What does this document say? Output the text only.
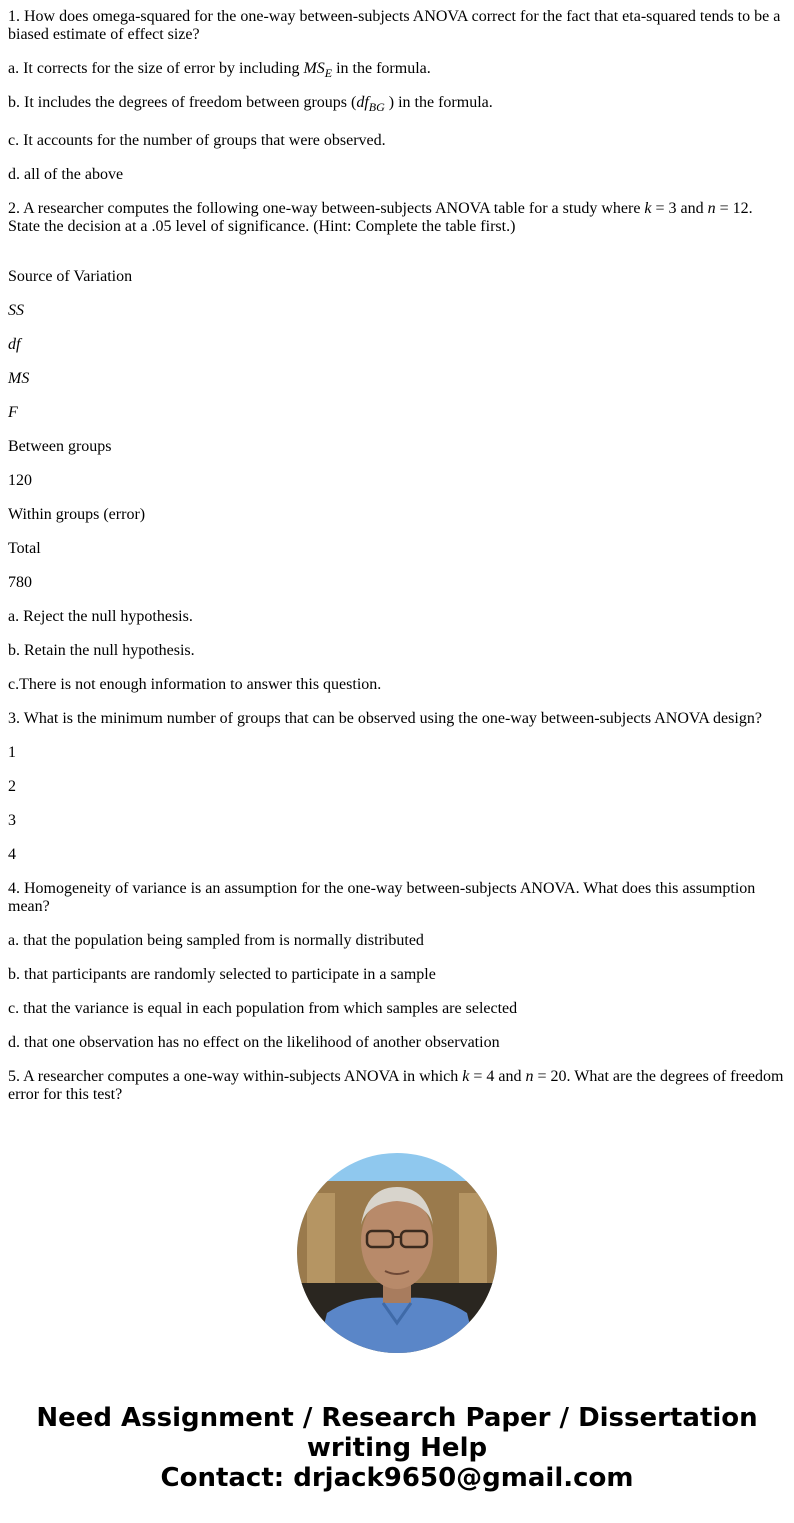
1. How does omega-squared for the one-way between-subjects ANOVA correct for the fact that eta-squared tends to be a biased estimate of effect size?

a. It corrects for the size of error by including $MS_E$ in the formula.

b. It includes the degrees of freedom between groups ($df_{BG}$ ) in the formula.

c. It accounts for the number of groups that were observed.

d. all of the above

2. A researcher computes the following one-way between-subjects ANOVA table for a study where k = 3 and n = 12. State the decision at a .05 level of significance. (Hint: Complete the table first.)

Source of Variation

SS

df

MS

F

Between groups

120

Within groups (error)

Total

780

a. Reject the null hypothesis.

b. Retain the null hypothesis.

c.There is not enough information to answer this question.

3. What is the minimum number of groups that can be observed using the one-way between-subjects ANOVA design?

1

2

3

4

4. Homogeneity of variance is an assumption for the one-way between-subjects ANOVA. What does this assumption mean?

a. that the population being sampled from is normally distributed

b. that participants are randomly selected to participate in a sample

c. that the variance is equal in each population from which samples are selected

d. that one observation has no effect on the likelihood of another observation

5. A researcher computes a one-way within-subjects ANOVA in which k = 4 and n = 20. What are the degrees of freedom error for this test?

Need Assignment / Research Paper / Dissertation
writing Help
Contact: drjack9650@gmail.com
